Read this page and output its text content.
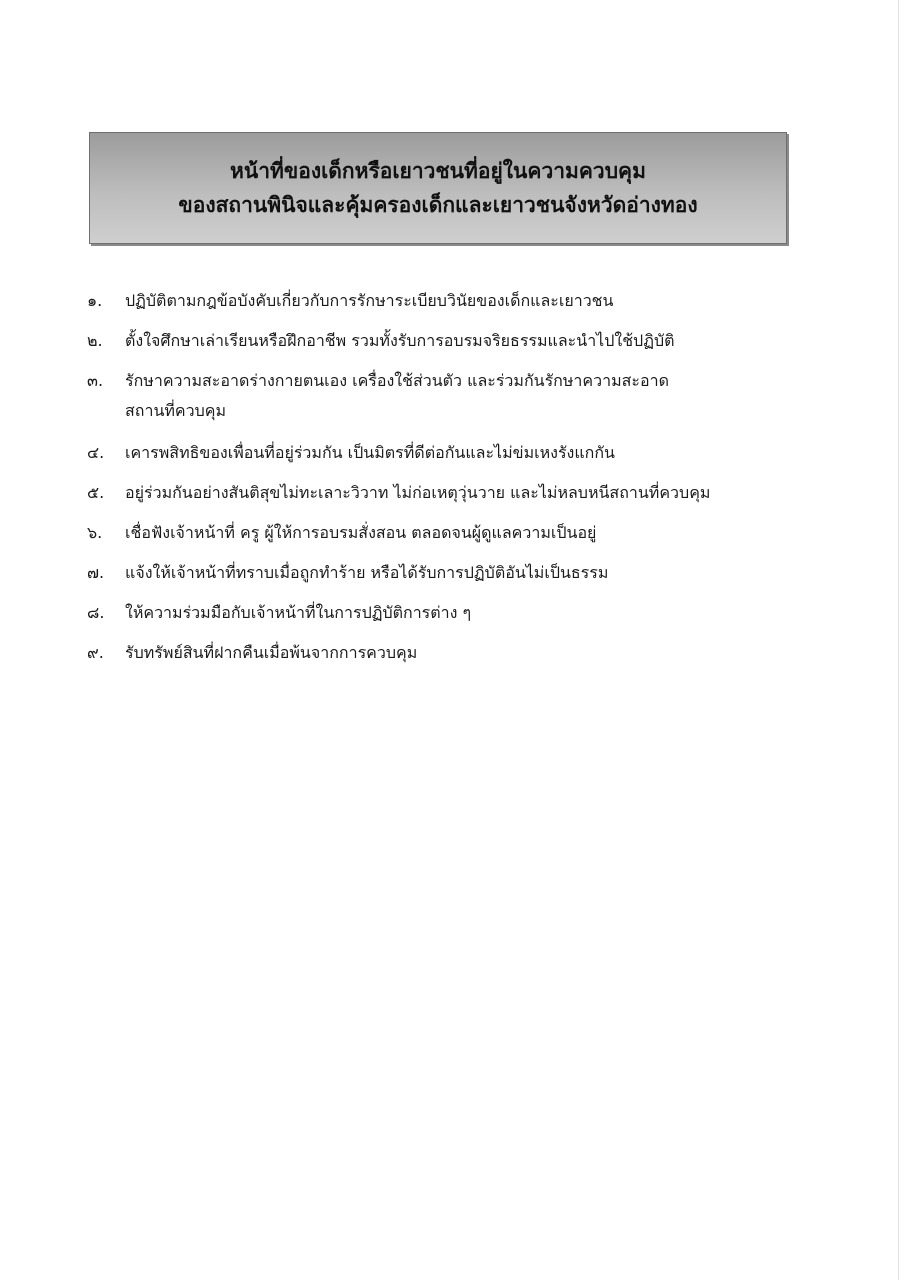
หน้าที่ของเด็กหรือเยาวชนที่อยู่ในความควบคุม
ของสถานพินิจและคุ้มครองเด็กและเยาวชนจังหวัดอ่างทอง
๑.	ปฏิบัติตามกฎข้อบังคับเกี่ยวกับการรักษาระเบียบวินัยของเด็กและเยาวชน
๒.	ตั้งใจศึกษาเล่าเรียนหรือฝึกอาชีพ รวมทั้งรับการอบรมจริยธรรมและนำไปใช้ปฏิบัติ
๓.	รักษาความสะอาดร่างกายตนเอง เครื่องใช้ส่วนตัว และร่วมกันรักษาความสะอาด
สถานที่ควบคุม
๔.	เคารพสิทธิของเพื่อนที่อยู่ร่วมกัน เป็นมิตรที่ดีต่อกันและไม่ข่มเหงรังแกกัน
๕.	อยู่ร่วมกันอย่างสันติสุขไม่ทะเลาะวิวาท ไม่ก่อเหตุวุ่นวาย และไม่หลบหนีสถานที่ควบคุม
๖.	เชื่อฟังเจ้าหน้าที่ ครู ผู้ให้การอบรมสั่งสอน ตลอดจนผู้ดูแลความเป็นอยู่
๗.	แจ้งให้เจ้าหน้าที่ทราบเมื่อถูกทำร้าย หรือได้รับการปฏิบัติอันไม่เป็นธรรม
๘.	ให้ความร่วมมือกับเจ้าหน้าที่ในการปฏิบัติการต่าง ๆ
๙.	รับทรัพย์สินที่ฝากคืนเมื่อพ้นจากการควบคุม
